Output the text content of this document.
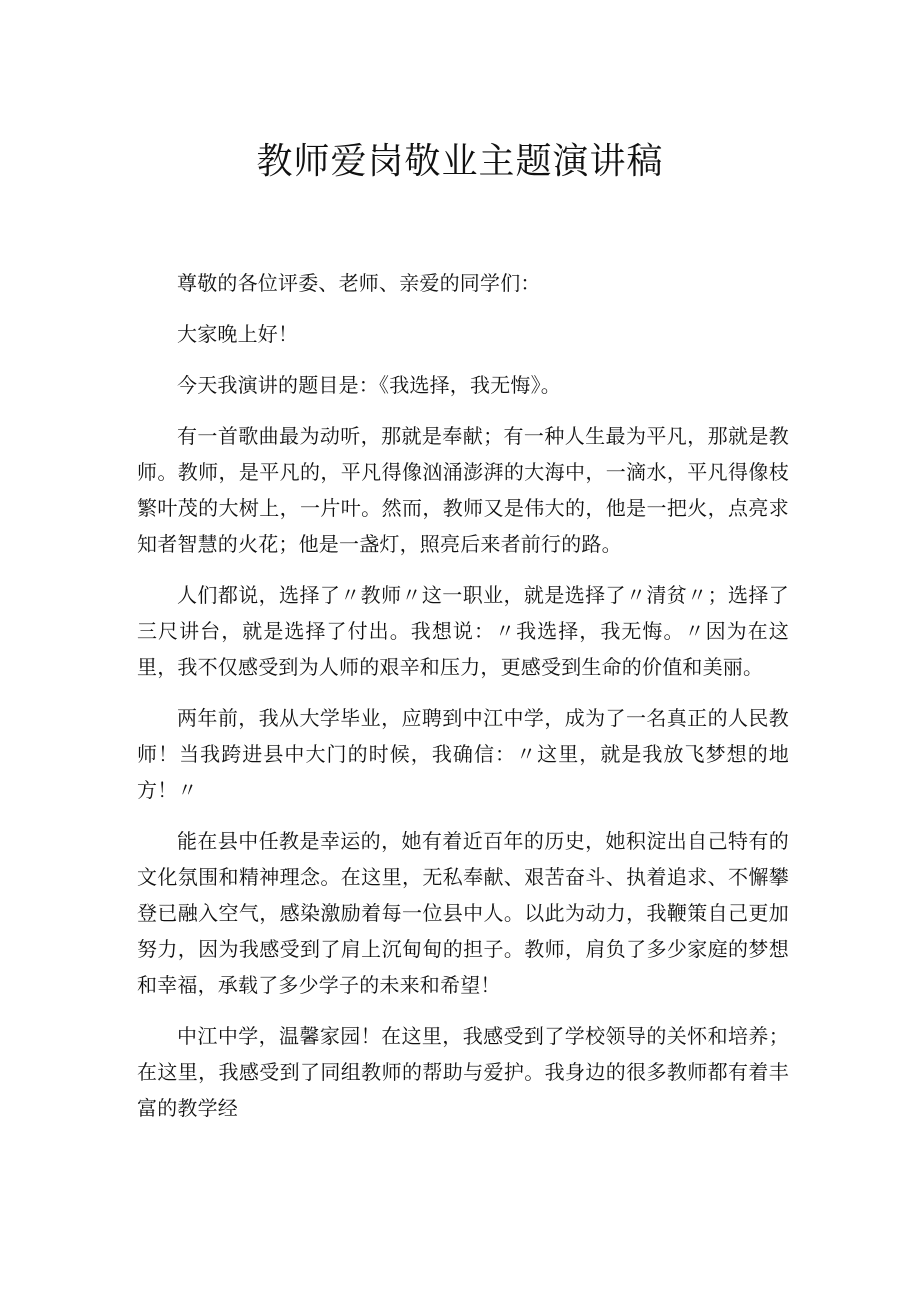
教师爱岗敬业主题演讲稿

尊敬的各位评委、老师、亲爱的同学们：

大家晚上好！

今天我演讲的题目是：《我选择，我无悔》。

有一首歌曲最为动听，那就是奉献；有一种人生最为平凡，那就是教师。教师，是平凡的，平凡得像汹涌澎湃的大海中，一滴水，平凡得像枝繁叶茂的大树上，一片叶。然而，教师又是伟大的，他是一把火，点亮求知者智慧的火花；他是一盏灯，照亮后来者前行的路。

人们都说，选择了〃教师〃这一职业，就是选择了〃清贫〃；选择了三尺讲台，就是选择了付出。我想说：〃我选择，我无悔。〃因为在这里，我不仅感受到为人师的艰辛和压力，更感受到生命的价值和美丽。

两年前，我从大学毕业，应聘到中江中学，成为了一名真正的人民教师！当我跨进县中大门的时候，我确信：〃这里，就是我放飞梦想的地方！〃

能在县中任教是幸运的，她有着近百年的历史，她积淀出自己特有的文化氛围和精神理念。在这里，无私奉献、艰苦奋斗、执着追求、不懈攀登已融入空气，感染激励着每一位县中人。以此为动力，我鞭策自己更加努力，因为我感受到了肩上沉甸甸的担子。教师，肩负了多少家庭的梦想和幸福，承载了多少学子的未来和希望！

中江中学，温馨家园！在这里，我感受到了学校领导的关怀和培养；在这里，我感受到了同组教师的帮助与爱护。我身边的很多教师都有着丰富的教学经
